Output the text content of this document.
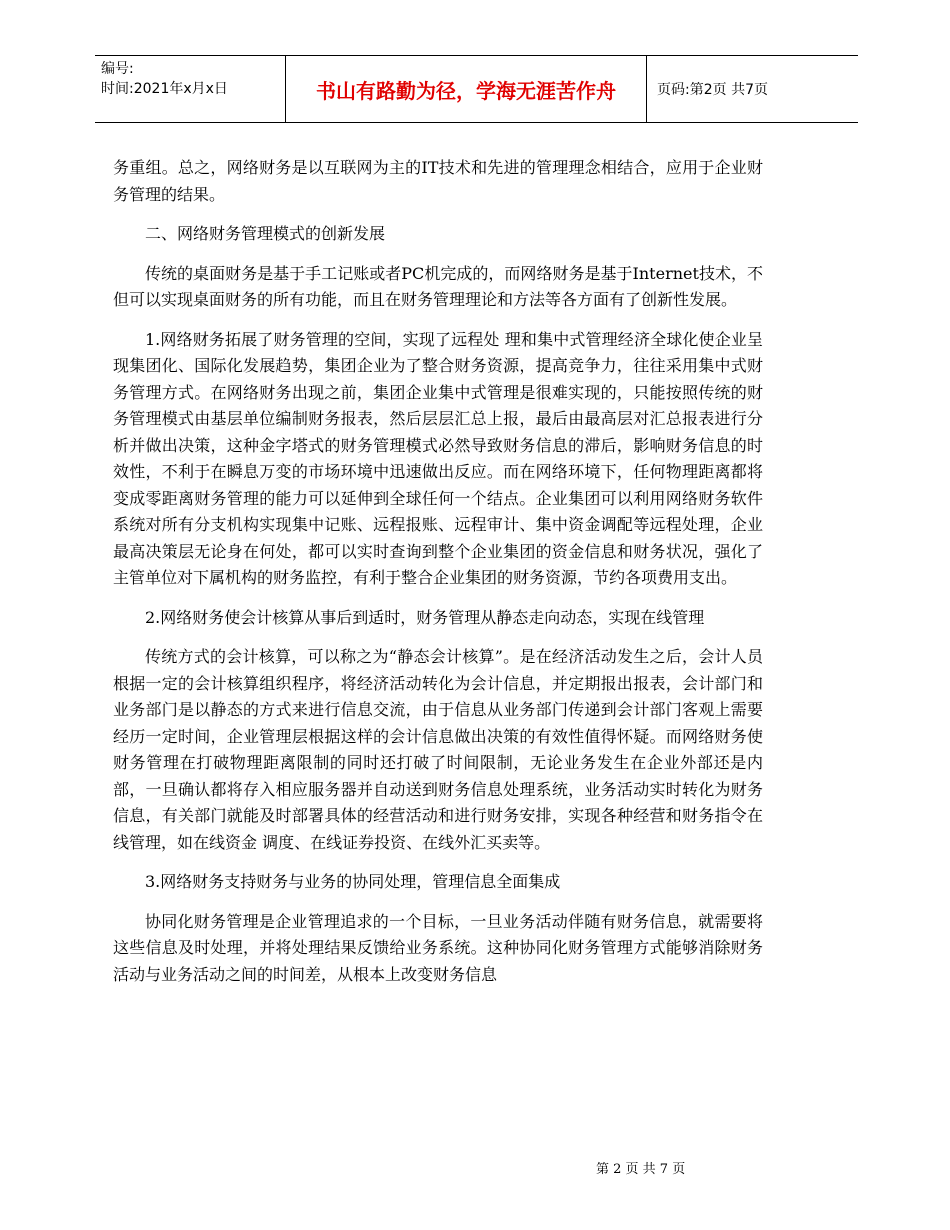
编号:
时间:2021年x月x日	书山有路勤为径，学海无涯苦作舟	页码:第2页 共7页

务重组。总之，网络财务是以互联网为主的IT技术和先进的管理理念相结合，应用于企业财务管理的结果。

二、网络财务管理模式的创新发展

传统的桌面财务是基于手工记账或者PC机完成的，而网络财务是基于Internet技术，不但可以实现桌面财务的所有功能，而且在财务管理理论和方法等各方面有了创新性发展。

1.网络财务拓展了财务管理的空间，实现了远程处 理和集中式管理经济全球化使企业呈现集团化、国际化发展趋势，集团企业为了整合财务资源，提高竞争力，往往采用集中式财务管理方式。在网络财务出现之前，集团企业集中式管理是很难实现的，只能按照传统的财务管理模式由基层单位编制财务报表，然后层层汇总上报，最后由最高层对汇总报表进行分析并做出决策，这种金字塔式的财务管理模式必然导致财务信息的滞后，影响财务信息的时效性，不利于在瞬息万变的市场环境中迅速做出反应。而在网络环境下，任何物理距离都将变成零距离财务管理的能力可以延伸到全球任何一个结点。企业集团可以利用网络财务软件系统对所有分支机构实现集中记账、远程报账、远程审计、集中资金调配等远程处理，企业最高决策层无论身在何处，都可以实时查询到整个企业集团的资金信息和财务状况，强化了主管单位对下属机构的财务监控，有利于整合企业集团的财务资源，节约各项费用支出。

2.网络财务使会计核算从事后到适时，财务管理从静态走向动态，实现在线管理

传统方式的会计核算，可以称之为“静态会计核算”。是在经济活动发生之后，会计人员根据一定的会计核算组织程序，将经济活动转化为会计信息，并定期报出报表，会计部门和业务部门是以静态的方式来进行信息交流，由于信息从业务部门传递到会计部门客观上需要经历一定时间，企业管理层根据这样的会计信息做出决策的有效性值得怀疑。而网络财务使财务管理在打破物理距离限制的同时还打破了时间限制，无论业务发生在企业外部还是内部，一旦确认都将存入相应服务器并自动送到财务信息处理系统，业务活动实时转化为财务信息，有关部门就能及时部署具体的经营活动和进行财务安排，实现各种经营和财务指令在线管理，如在线资金 调度、在线证券投资、在线外汇买卖等。

3.网络财务支持财务与业务的协同处理，管理信息全面集成

协同化财务管理是企业管理追求的一个目标，一旦业务活动伴随有财务信息，就需要将这些信息及时处理，并将处理结果反馈给业务系统。这种协同化财务管理方式能够消除财务活动与业务活动之间的时间差，从根本上改变财务信息

第 2 页 共 7 页
